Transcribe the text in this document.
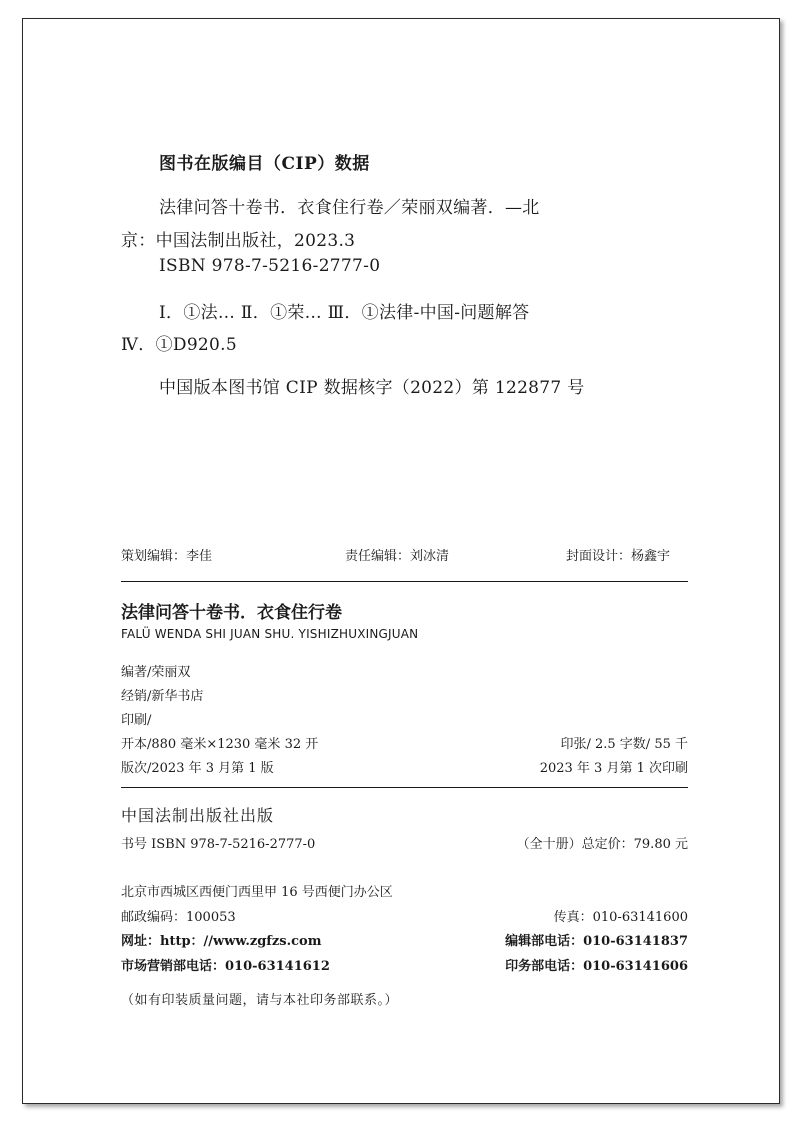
图书在版编目（CIP）数据
法律问答十卷书．衣食住行卷／荣丽双编著．—北
京：中国法制出版社，2023.3
ISBN 978-7-5216-2777-0
Ⅰ．①法… Ⅱ．①荣… Ⅲ．①法律-中国-问题解答
Ⅳ．①D920.5
中国版本图书馆 CIP 数据核字（2022）第 122877 号
策划编辑：李佳	责任编辑：刘冰清	封面设计：杨鑫宇
法律问答十卷书．衣食住行卷
FALÜ WENDA SHI JUAN SHU. YISHIZHUXINGJUAN
编著/荣丽双
经销/新华书店
印刷/
开本/880 毫米×1230 毫米 32 开	印张/ 2.5 字数/ 55 千
版次/2023 年 3 月第 1 版	2023 年 3 月第 1 次印刷
中国法制出版社出版
书号 ISBN 978-7-5216-2777-0	（全十册）总定价：79.80 元
北京市西城区西便门西里甲 16 号西便门办公区
邮政编码：100053	传真：010-63141600
网址：http：//www.zgfzs.com	编辑部电话：010-63141837
市场营销部电话：010-63141612	印务部电话：010-63141606
（如有印装质量问题，请与本社印务部联系。）
